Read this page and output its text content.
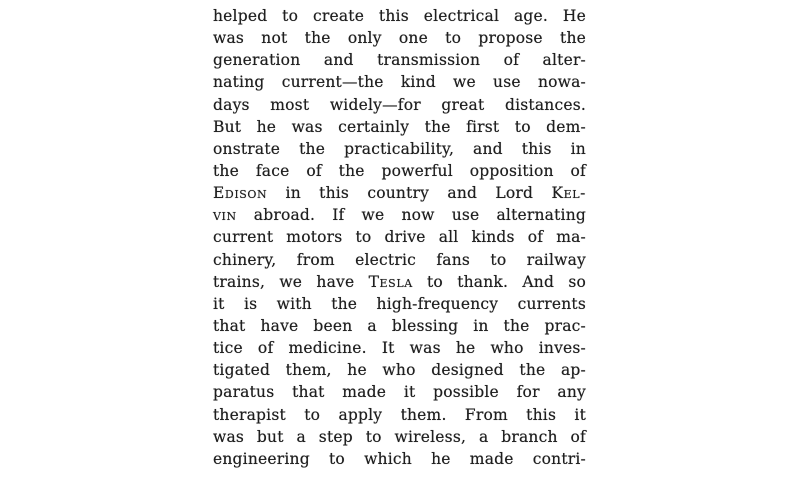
helped to create this electrical age. He
was not the only one to propose the
generation and transmission of alter-
nating current—the kind we use nowa-
days most widely—for great distances.
But he was certainly the first to dem-
onstrate the practicability, and this in
the face of the powerful opposition of
Edison in this country and Lord Kel-
vin abroad. If we now use alternating
current motors to drive all kinds of ma-
chinery, from electric fans to railway
trains, we have Tesla to thank. And so
it is with the high-frequency currents
that have been a blessing in the prac-
tice of medicine. It was he who inves-
tigated them, he who designed the ap-
paratus that made it possible for any
therapist to apply them. From this it
was but a step to wireless, a branch of
engineering to which he made contri-
